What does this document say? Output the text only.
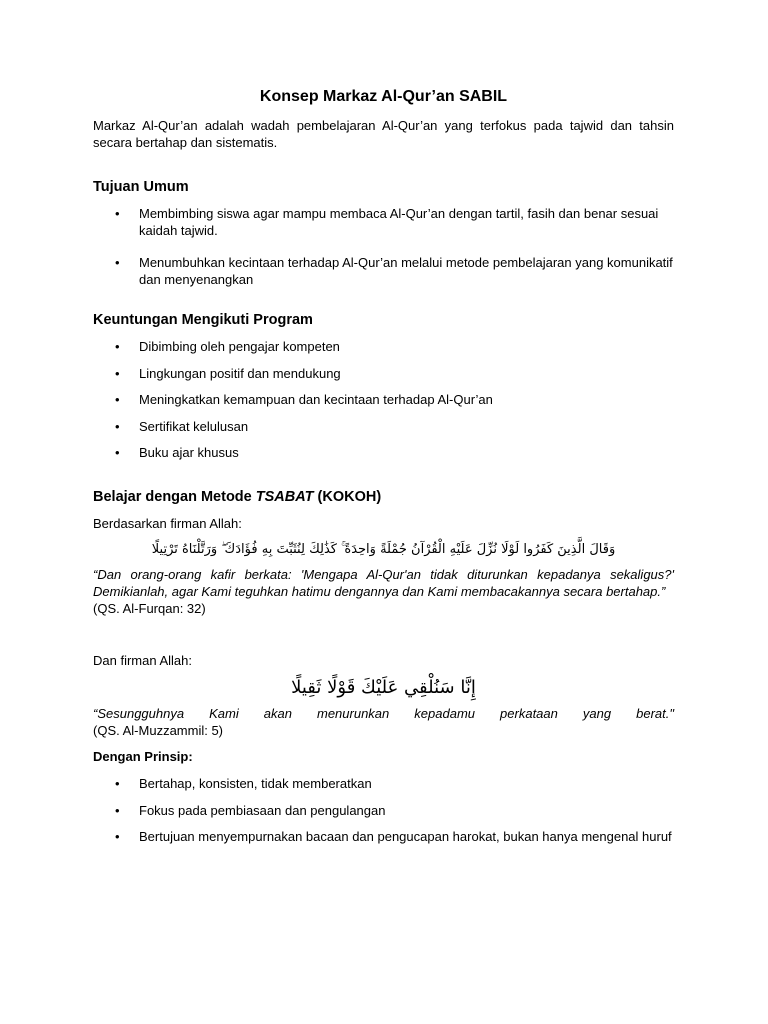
Konsep Markaz Al-Qur’an SABIL

Markaz Al-Qur’an adalah wadah pembelajaran Al-Qur’an yang terfokus pada tajwid dan tahsin secara bertahap dan sistematis.

Tujuan Umum
• Membimbing siswa agar mampu membaca Al-Qur’an dengan tartil, fasih dan benar sesuai kaidah tajwid.
• Menumbuhkan kecintaan terhadap Al-Qur’an melalui metode pembelajaran yang komunikatif dan menyenangkan
Keuntungan Mengikuti Program
• Dibimbing oleh pengajar kompeten
• Lingkungan positif dan mendukung
• Meningkatkan kemampuan dan kecintaan terhadap Al-Qur’an
• Sertifikat kelulusan
• Buku ajar khusus
Belajar dengan Metode TSABAT (KOKOH)

Berdasarkan firman Allah:

وَقَالَ الَّذِينَ كَفَرُوا لَوْلَا نُزِّلَ عَلَيْهِ الْقُرْآنُ جُمْلَةً وَاحِدَةً ۚ كَذَٰلِكَ لِنُثَبِّتَ بِهِ فُؤَادَكَ ۖ وَرَتَّلْنَاهُ تَرْتِيلًا

“Dan orang-orang kafir berkata: 'Mengapa Al-Qur'an tidak diturunkan kepadanya sekaligus?' Demikianlah, agar Kami teguhkan hatimu dengannya dan Kami membacakannya secara bertahap.”

(QS. Al-Furqan: 32)

Dan firman Allah:

إِنَّا سَنُلْقِي عَلَيْكَ قَوْلًا ثَقِيلًا

“Sesungguhnya Kami akan menurunkan kepadamu perkataan yang berat."

(QS. Al-Muzzammil: 5)

Dengan Prinsip:

• Bertahap, konsisten, tidak memberatkan
• Fokus pada pembiasaan dan pengulangan
• Bertujuan menyempurnakan bacaan dan pengucapan harokat, bukan hanya mengenal huruf
